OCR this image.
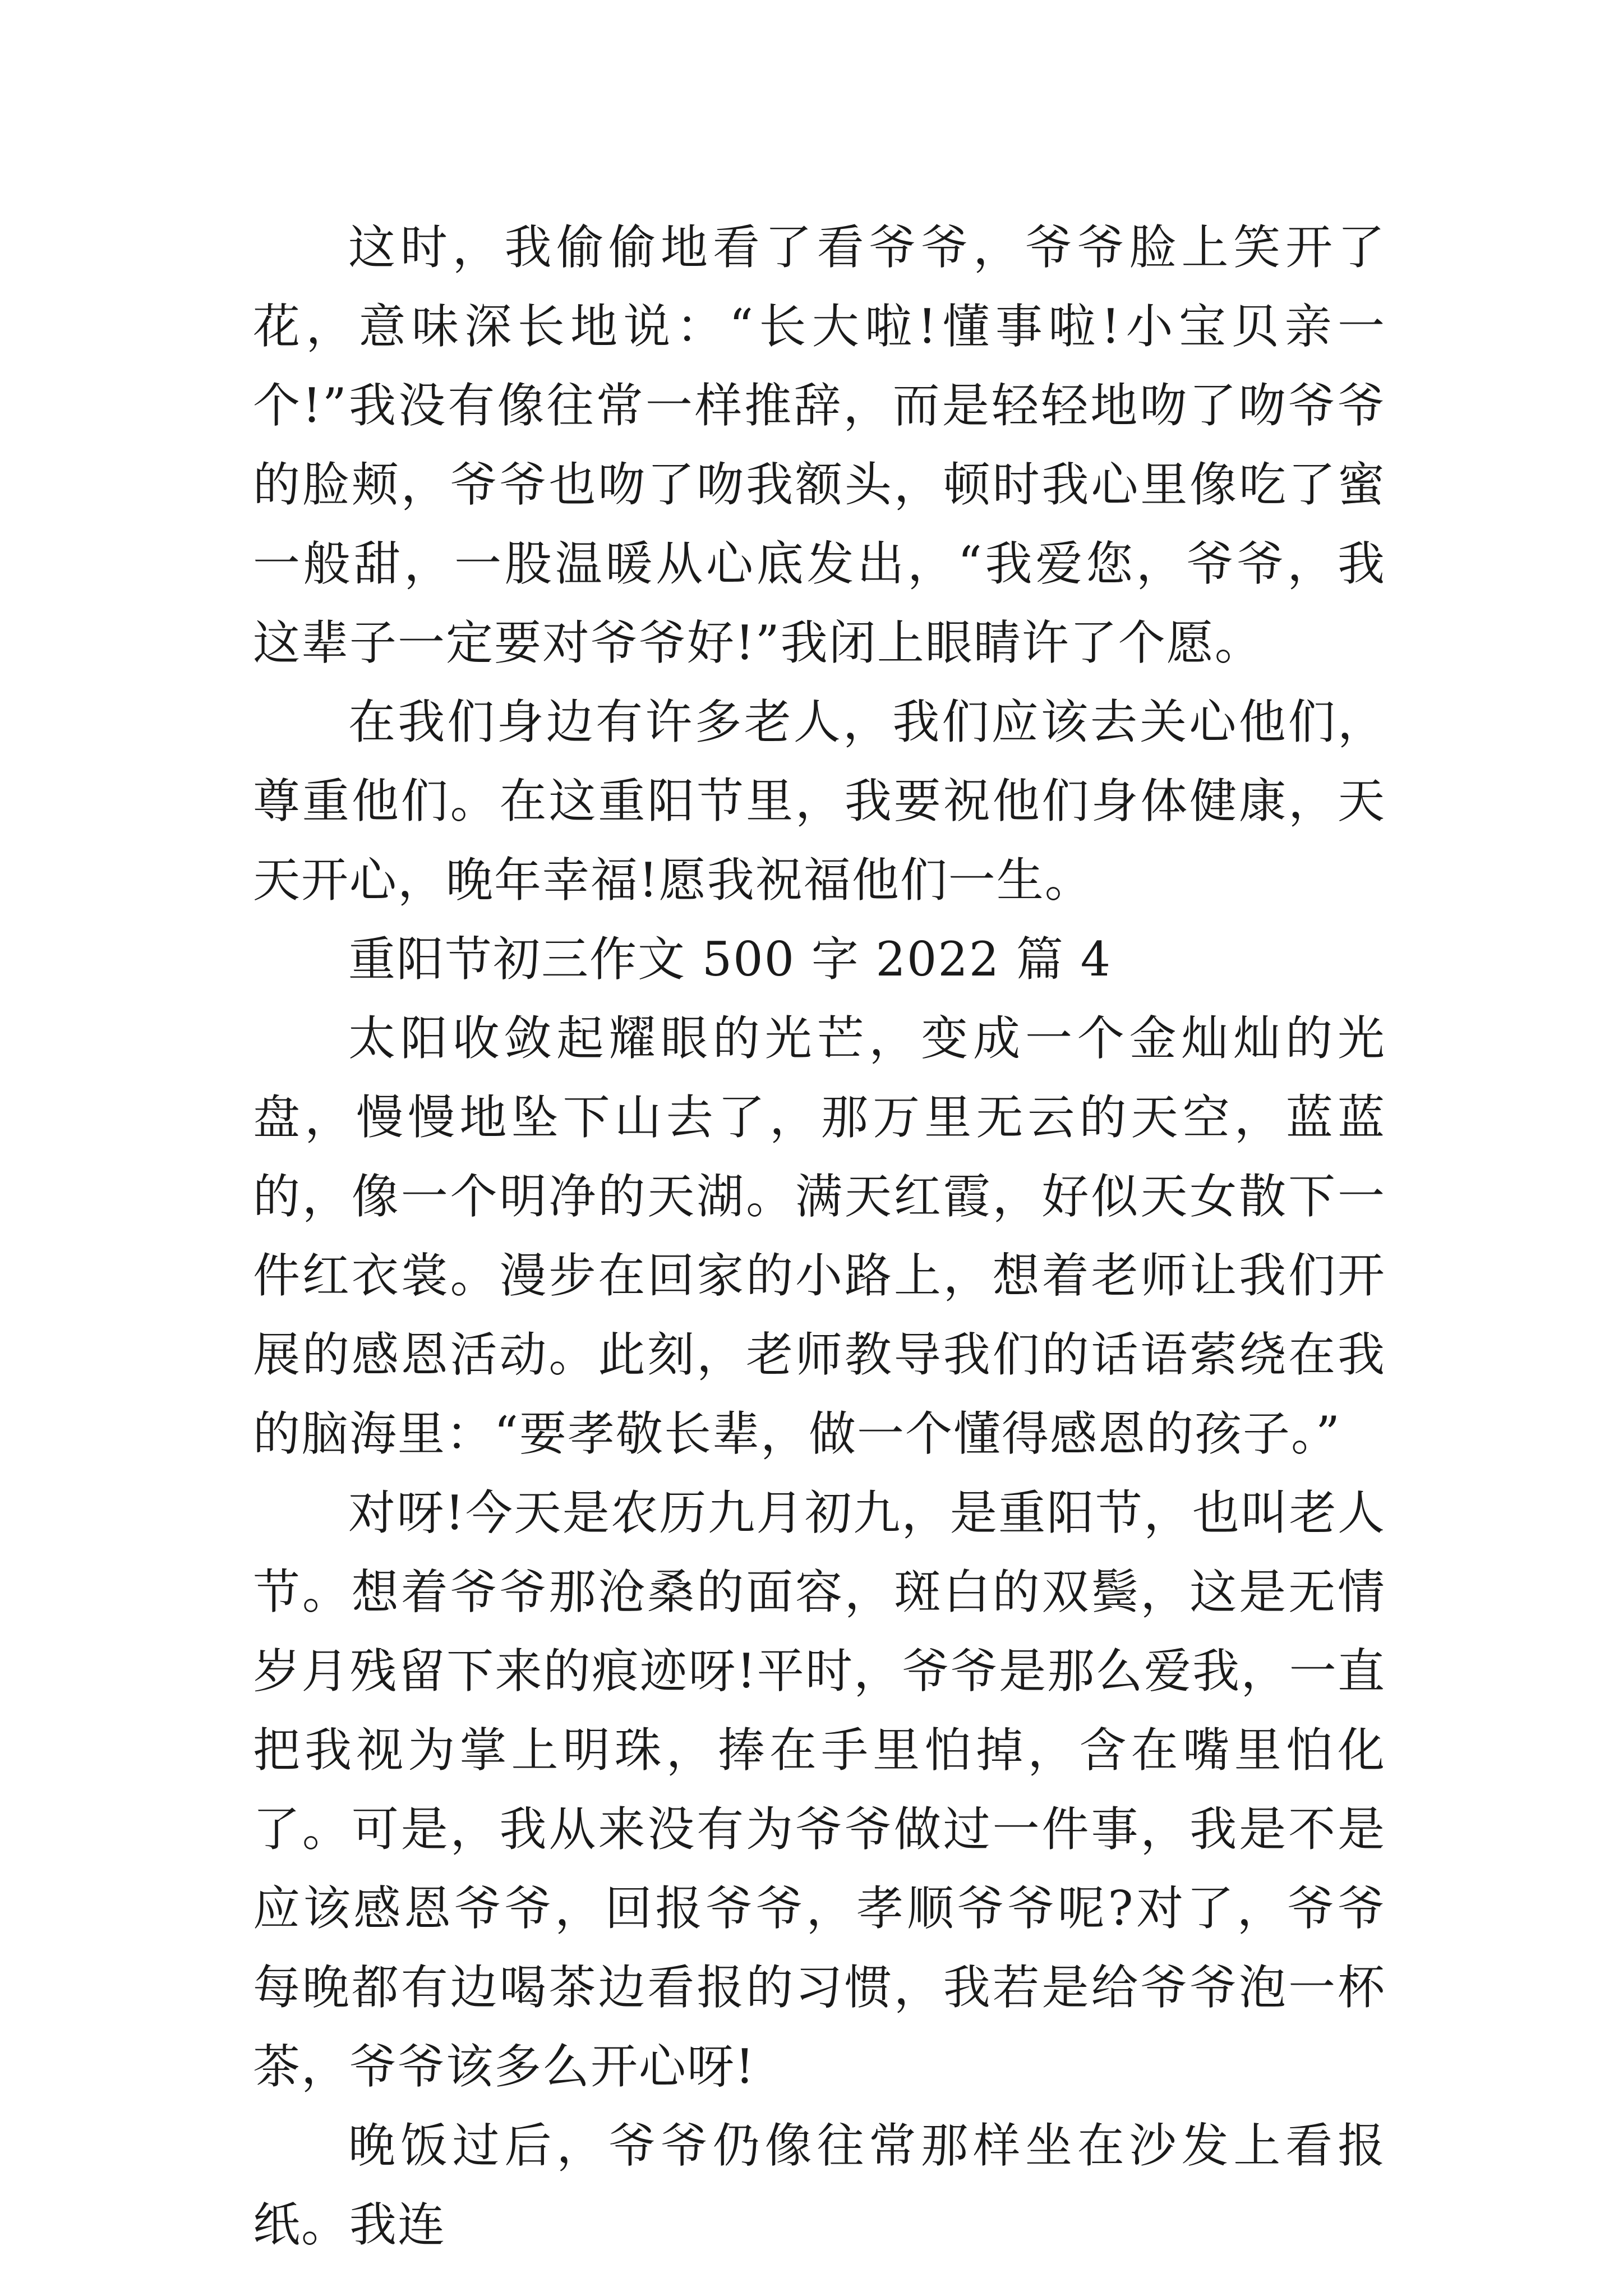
这时，我偷偷地看了看爷爷，爷爷脸上笑开了花，意味深长地说：“长大啦!懂事啦!小宝贝亲一个!”我没有像往常一样推辞，而是轻轻地吻了吻爷爷的脸颊，爷爷也吻了吻我额头，顿时我心里像吃了蜜一般甜，一股温暖从心底发出，“我爱您，爷爷，我这辈子一定要对爷爷好!”我闭上眼睛许了个愿。

在我们身边有许多老人，我们应该去关心他们，尊重他们。在这重阳节里，我要祝他们身体健康，天天开心，晚年幸福!愿我祝福他们一生。

重阳节初三作文 500 字 2022 篇 4

太阳收敛起耀眼的光芒，变成一个金灿灿的光盘，慢慢地坠下山去了，那万里无云的天空，蓝蓝的，像一个明净的天湖。满天红霞，好似天女散下一件红衣裳。漫步在回家的小路上，想着老师让我们开展的感恩活动。此刻，老师教导我们的话语萦绕在我的脑海里：“要孝敬长辈，做一个懂得感恩的孩子。”

对呀!今天是农历九月初九，是重阳节，也叫老人节。想着爷爷那沧桑的面容，斑白的双鬓，这是无情岁月残留下来的痕迹呀!平时，爷爷是那么爱我，一直把我视为掌上明珠，捧在手里怕掉，含在嘴里怕化了。可是，我从来没有为爷爷做过一件事，我是不是应该感恩爷爷，回报爷爷，孝顺爷爷呢?对了，爷爷每晚都有边喝茶边看报的习惯，我若是给爷爷泡一杯茶，爷爷该多么开心呀!

晚饭过后，爷爷仍像往常那样坐在沙发上看报纸。我连
